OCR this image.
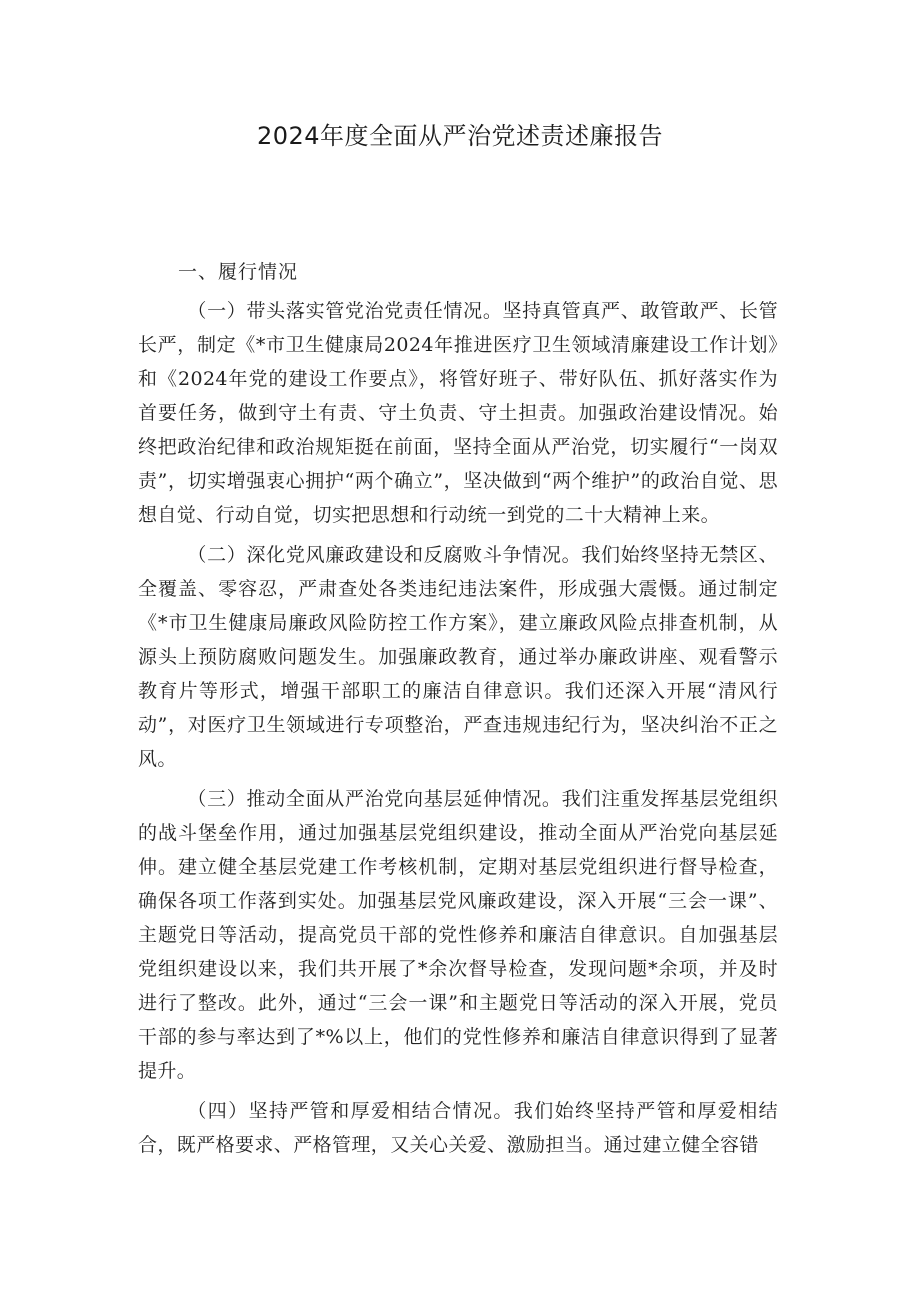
2024年度全面从严治党述责述廉报告

一、履行情况

（一）带头落实管党治党责任情况。坚持真管真严、敢管敢严、长管长严，制定《*市卫生健康局2024年推进医疗卫生领域清廉建设工作计划》和《2024年党的建设工作要点》，将管好班子、带好队伍、抓好落实作为首要任务，做到守土有责、守土负责、守土担责。加强政治建设情况。始终把政治纪律和政治规矩挺在前面，坚持全面从严治党，切实履行“一岗双责”，切实增强衷心拥护“两个确立”，坚决做到“两个维护”的政治自觉、思想自觉、行动自觉，切实把思想和行动统一到党的二十大精神上来。

（二）深化党风廉政建设和反腐败斗争情况。我们始终坚持无禁区、全覆盖、零容忍，严肃查处各类违纪违法案件，形成强大震慑。通过制定《*市卫生健康局廉政风险防控工作方案》，建立廉政风险点排查机制，从源头上预防腐败问题发生。加强廉政教育，通过举办廉政讲座、观看警示教育片等形式，增强干部职工的廉洁自律意识。我们还深入开展“清风行动”，对医疗卫生领域进行专项整治，严查违规违纪行为，坚决纠治不正之风。

（三）推动全面从严治党向基层延伸情况。我们注重发挥基层党组织的战斗堡垒作用，通过加强基层党组织建设，推动全面从严治党向基层延伸。建立健全基层党建工作考核机制，定期对基层党组织进行督导检查，确保各项工作落到实处。加强基层党风廉政建设，深入开展“三会一课”、主题党日等活动，提高党员干部的党性修养和廉洁自律意识。自加强基层党组织建设以来，我们共开展了*余次督导检查，发现问题*余项，并及时进行了整改。此外，通过“三会一课”和主题党日等活动的深入开展，党员干部的参与率达到了*%以上，他们的党性修养和廉洁自律意识得到了显著提升。

（四）坚持严管和厚爱相结合情况。我们始终坚持严管和厚爱相结合，既严格要求、严格管理，又关心关爱、激励担当。通过建立健全容错
